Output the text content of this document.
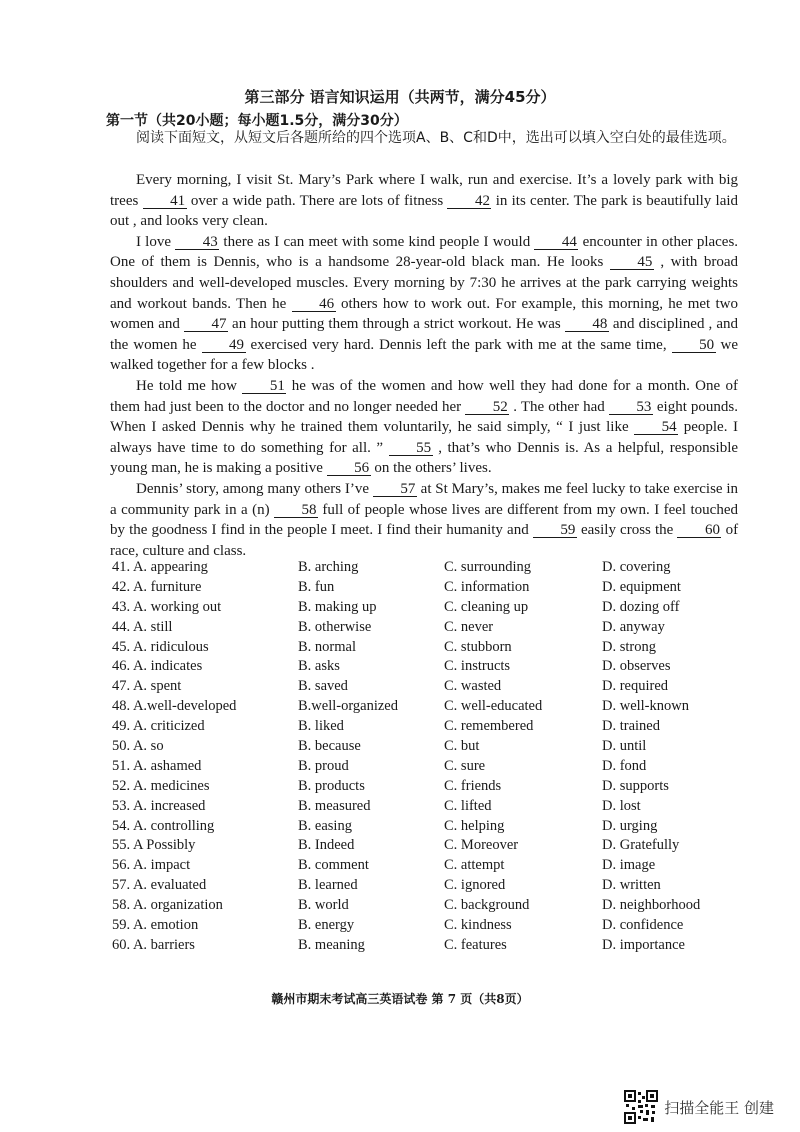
第三部分 语言知识运用（共两节，满分45分）
第一节（共20小题；每小题1.5分，满分30分）

阅读下面短文，从短文后各题所给的四个选项A、B、C和D中，选出可以填入空白处的最佳选项。

Every morning, I visit St. Mary’s Park where I walk, run and exercise. It’s a lovely park with big trees 41 over a wide path. There are lots of fitness 42 in its center. The park is beautifully laid out , and looks very clean.

I love 43 there as I can meet with some kind people I would 44 encounter in other places. One of them is Dennis, who is a handsome 28-year-old black man. He looks 45 , with broad shoulders and well-developed muscles. Every morning by 7:30 he arrives at the park carrying weights and workout bands. Then he 46 others how to work out. For example, this morning, he met two women and 47 an hour putting them through a strict workout. He was 48 and disciplined , and the women he 49 exercised very hard. Dennis left the park with me at the same time, 50 we walked together for a few blocks .

He told me how 51 he was of the women and how well they had done for a month. One of them had just been to the doctor and no longer needed her 52 . The other had 53 eight pounds. When I asked Dennis why he trained them voluntarily, he said simply, “ I just like 54 people. I always have time to do something for all. ” 55 , that’s who Dennis is. As a helpful, responsible young man, he is making a positive 56 on the others’ lives.

Dennis’ story, among many others I’ve 57 at St Mary’s, makes me feel lucky to take exercise in a community park in a (n) 58 full of people whose lives are different from my own. I feel touched by the goodness I find in the people I meet. I find their humanity and 59 easily cross the 60 of race, culture and class.

41. A. appearing	B. arching	C. surrounding	D. covering
42. A. furniture	B. fun	C. information	D. equipment
43. A. working out	B. making up	C. cleaning up	D. dozing off
44. A. still	B. otherwise	C. never	D. anyway
45. A. ridiculous	B. normal	C. stubborn	D. strong
46. A. indicates	B. asks	C. instructs	D. observes
47. A. spent	B. saved	C. wasted	D. required
48. A.well-developed	B.well-organized	C. well-educated	D. well-known
49. A. criticized	B. liked	C. remembered	D. trained
50. A. so	B. because	C. but	D. until
51. A. ashamed	B. proud	C. sure	D. fond
52. A. medicines	B. products	C. friends	D. supports
53. A. increased	B. measured	C. lifted	D. lost
54. A. controlling	B. easing	C. helping	D. urging
55. A Possibly	B. Indeed	C. Moreover	D. Gratefully
56. A. impact	B. comment	C. attempt	D. image
57. A. evaluated	B. learned	C. ignored	D. written
58. A. organization	B. world	C. background	D. neighborhood
59. A. emotion	B. energy	C. kindness	D. confidence
60. A. barriers	B. meaning	C. features	D. importance
赣州市期末考试高三英语试卷 第 7 页（共8页）
扫描全能王 创建
